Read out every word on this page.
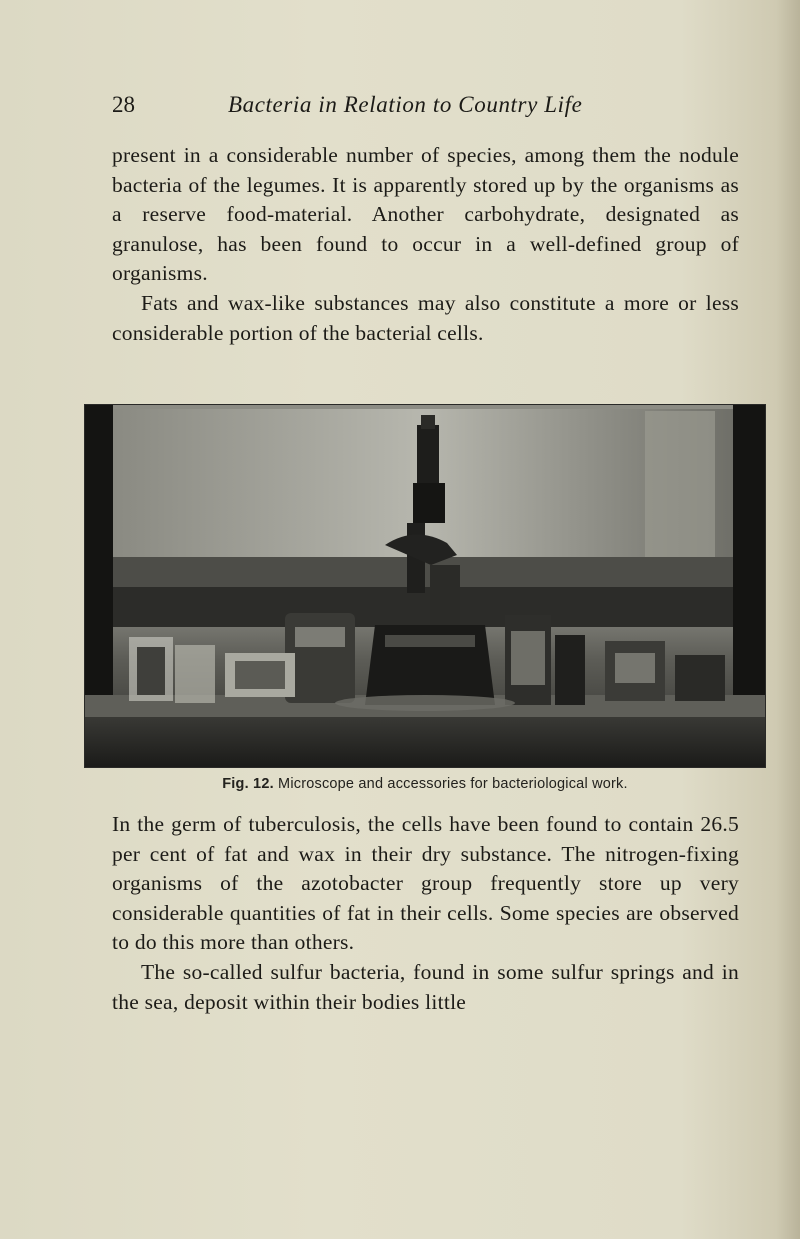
28	Bacteria in Relation to Country Life

present in a considerable number of species, among them the nodule bacteria of the legumes. It is apparently stored up by the organisms as a reserve food-material. Another carbohydrate, designated as granulose, has been found to occur in a well-defined group of organisms.

Fats and wax-like substances may also constitute a more or less considerable portion of the bacterial cells.

Fig. 12. Microscope and accessories for bacteriological work.

In the germ of tuberculosis, the cells have been found to contain 26.5 per cent of fat and wax in their dry substance. The nitrogen-fixing organisms of the azotobacter group frequently store up very considerable quantities of fat in their cells. Some species are observed to do this more than others.

The so-called sulfur bacteria, found in some sulfur springs and in the sea, deposit within their bodies little
